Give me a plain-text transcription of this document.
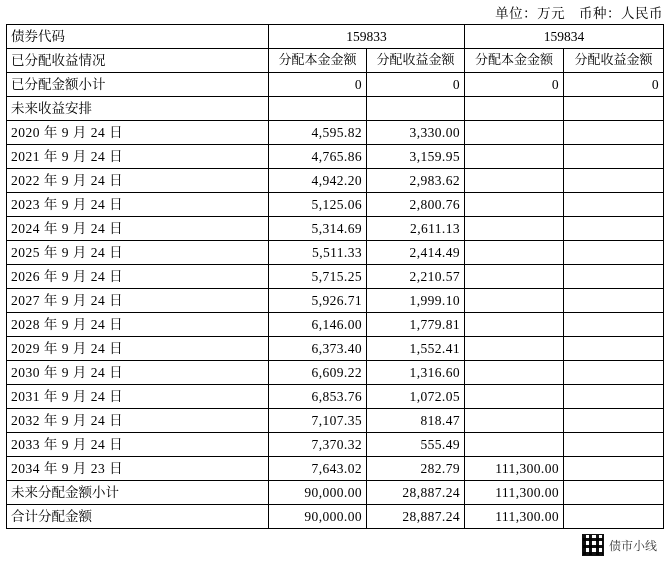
单位：万元 币种：人民币
债券代码	159833		159834	
已分配收益情况	分配本金金额	分配收益金额	分配本金金额	分配收益金额
已分配金额小计	0	0	0	0
未来收益安排				
2020 年 9 月 24 日	4,595.82	3,330.00		
2021 年 9 月 24 日	4,765.86	3,159.95		
2022 年 9 月 24 日	4,942.20	2,983.62		
2023 年 9 月 24 日	5,125.06	2,800.76		
2024 年 9 月 24 日	5,314.69	2,611.13		
2025 年 9 月 24 日	5,511.33	2,414.49		
2026 年 9 月 24 日	5,715.25	2,210.57		
2027 年 9 月 24 日	5,926.71	1,999.10		
2028 年 9 月 24 日	6,146.00	1,779.81		
2029 年 9 月 24 日	6,373.40	1,552.41		
2030 年 9 月 24 日	6,609.22	1,316.60		
2031 年 9 月 24 日	6,853.76	1,072.05		
2032 年 9 月 24 日	7,107.35	818.47		
2033 年 9 月 24 日	7,370.32	555.49		
2034 年 9 月 23 日	7,643.02	282.79	111,300.00	
未来分配金额小计	90,000.00	28,887.24	111,300.00	
合计分配金额	90,000.00	28,887.24	111,300.00	
债市小线
